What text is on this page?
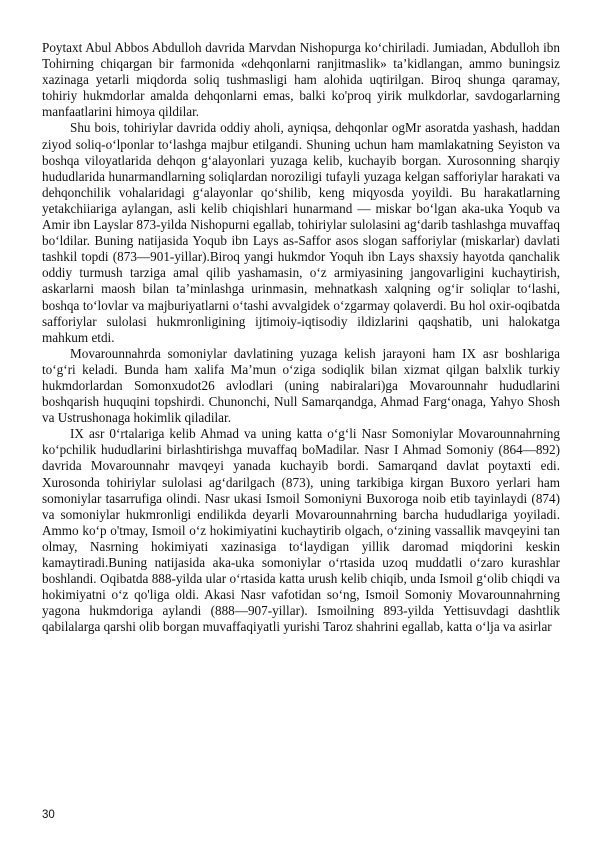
Poytaxt Abul Abbos Abdulloh davrida Marvdan Nishopurga ko‘chiriladi. Jumiadan, Abdulloh ibn Tohirning chiqargan bir farmonida «dehqonlarni ranjitmaslik» ta’kidlangan, ammo buningsiz xazinaga yetarli miqdorda soliq tushmasligi ham alohida uqtirilgan. Biroq shunga qaramay, tohiriy hukmdorlar amalda dehqonlarni emas, balki ko'proq yirik mulkdorlar, savdogarlarning manfaatlarini himoya qildilar.

Shu bois, tohiriylar davrida oddiy aholi, ayniqsa, dehqonlar ogMr asoratda yashash, haddan ziyod soliq-o‘lponlar to‘lashga majbur etilgandi. Shuning uchun ham mamlakatning Seyiston va boshqa viloyatlarida dehqon g‘alayonlari yuzaga kelib, kuchayib borgan. Xurosonning sharqiy hududlarida hunarmandlarning soliqlardan noroziligi tufayli yuzaga kelgan safforiylar harakati va dehqonchilik vohalaridagi g‘alayonlar qo‘shilib, keng miqyosda yoyildi. Bu harakatlarning yetakchiiariga aylangan, asli kelib chiqishlari hunarmand — miskar bo‘lgan aka-uka Yoqub va Amir ibn Layslar 873-yilda Nishopurni egallab, tohiriylar sulolasini ag‘darib tashlashga muvaffaq bo‘ldilar. Buning natijasida Yoqub ibn Lays as-Saffor asos slogan safforiylar (miskarlar) davlati tashkil topdi (873—901-yillar).Biroq yangi hukmdor Yoquh ibn Lays shaxsiy hayotda qanchalik oddiy turmush tarziga amal qilib yashamasin, o‘z armiyasining jangovarligini kuchaytirish, askarlarni maosh bilan ta’minlashga urinmasin, mehnatkash xalqning og‘ir soliqlar to‘lashi, boshqa to‘lovlar va majburiyatlarni o‘tashi avvalgidek o‘zgarmay qolaverdi. Bu hol oxir-oqibatda safforiylar sulolasi hukmronligining ijtimoiy-iqtisodiy ildizlarini qaqshatib, uni halokatga mahkum etdi.

Movarounnahrda somoniylar davlatining yuzaga kelish jarayoni ham IX asr boshlariga to‘g‘ri keladi. Bunda ham xalifa Ma’mun o‘ziga sodiqlik bilan xizmat qilgan balxlik turkiy hukmdorlardan Somonxudot26 avlodlari (uning nabiralari)ga Movarounnahr hududlarini boshqarish huquqini topshirdi. Chunonchi, Null Samarqandga, Ahmad Farg‘onaga, Yahyo Shosh va Ustrushonaga hokimlik qiladilar.

IX asr 0‘rtalariga kelib Ahmad va uning katta o‘g‘li Nasr Somoniylar Movarounnahrning ko‘pchilik hududlarini birlashtirishga muvaffaq boMadilar. Nasr I Ahmad Somoniy (864—892) davrida Movarounnahr mavqeyi yanada kuchayib bordi. Samarqand davlat poytaxti edi. Xurosonda tohiriylar sulolasi ag‘darilgach (873), uning tarkibiga kirgan Buxoro yerlari ham somoniylar tasarrufiga olindi. Nasr ukasi Ismoil Somoniyni Buxoroga noib etib tayinlaydi (874) va somoniylar hukmronligi endilikda deyarli Movarounnahrning barcha hududlariga yoyiladi. Ammo ko‘p o'tmay, Ismoil o‘z hokimiyatini kuchaytirib olgach, o‘zining vassallik mavqeyini tan olmay, Nasrning hokimiyati xazinasiga to‘laydigan yillik daromad miqdorini keskin kamaytiradi.Buning natijasida aka-uka somoniylar o‘rtasida uzoq muddatli o‘zaro kurashlar boshlandi. Oqibatda 888-yilda ular o‘rtasida katta urush kelib chiqib, unda Ismoil g‘olib chiqdi va hokimiyatni o‘z qo'liga oldi. Akasi Nasr vafotidan so‘ng, Ismoil Somoniy Movarounnahrning yagona hukmdoriga aylandi (888—907-yillar). Ismoilning 893-yilda Yettisuvdagi dashtlik qabilalarga qarshi olib borgan muvaffaqiyatli yurishi Taroz shahrini egallab, katta o‘lja va asirlar

30
